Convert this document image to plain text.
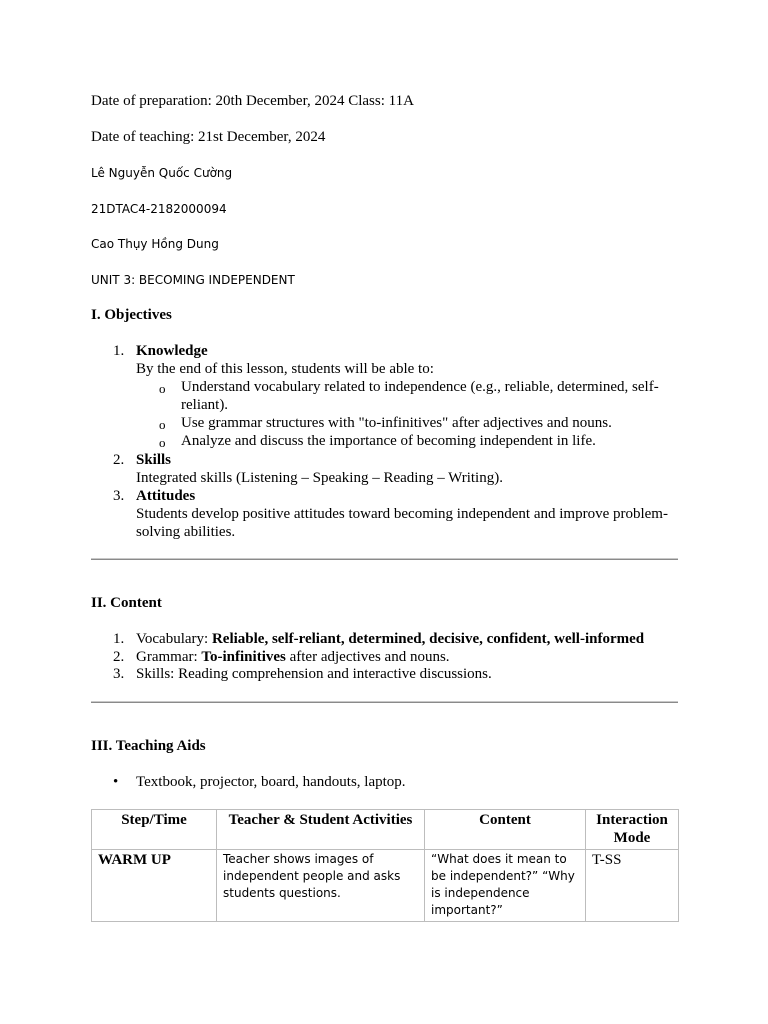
Date of preparation: 20th December, 2024 Class: 11A
Date of teaching: 21st December, 2024
Lê Nguyễn Quốc Cường
21DTAC4-2182000094
Cao Thụy Hồng Dung
UNIT 3: BECOMING INDEPENDENT
I. Objectives
1. Knowledge
By the end of this lesson, students will be able to:
o Understand vocabulary related to independence (e.g., reliable, determined, self-
reliant).
o Use grammar structures with "to-infinitives" after adjectives and nouns.
o Analyze and discuss the importance of becoming independent in life.
2. Skills
Integrated skills (Listening – Speaking – Reading – Writing).
3. Attitudes
Students develop positive attitudes toward becoming independent and improve problem-
solving abilities.
II. Content
1. Vocabulary: Reliable, self-reliant, determined, decisive, confident, well-informed
2. Grammar: To-infinitives after adjectives and nouns.
3. Skills: Reading comprehension and interactive discussions.
III. Teaching Aids
• Textbook, projector, board, handouts, laptop.
Step/Time	Teacher & Student Activities	Content	Interaction Mode
WARM UP	Teacher shows images of independent people and asks students questions.	“What does it mean to be independent?” “Why is independence important?”	T-SS
